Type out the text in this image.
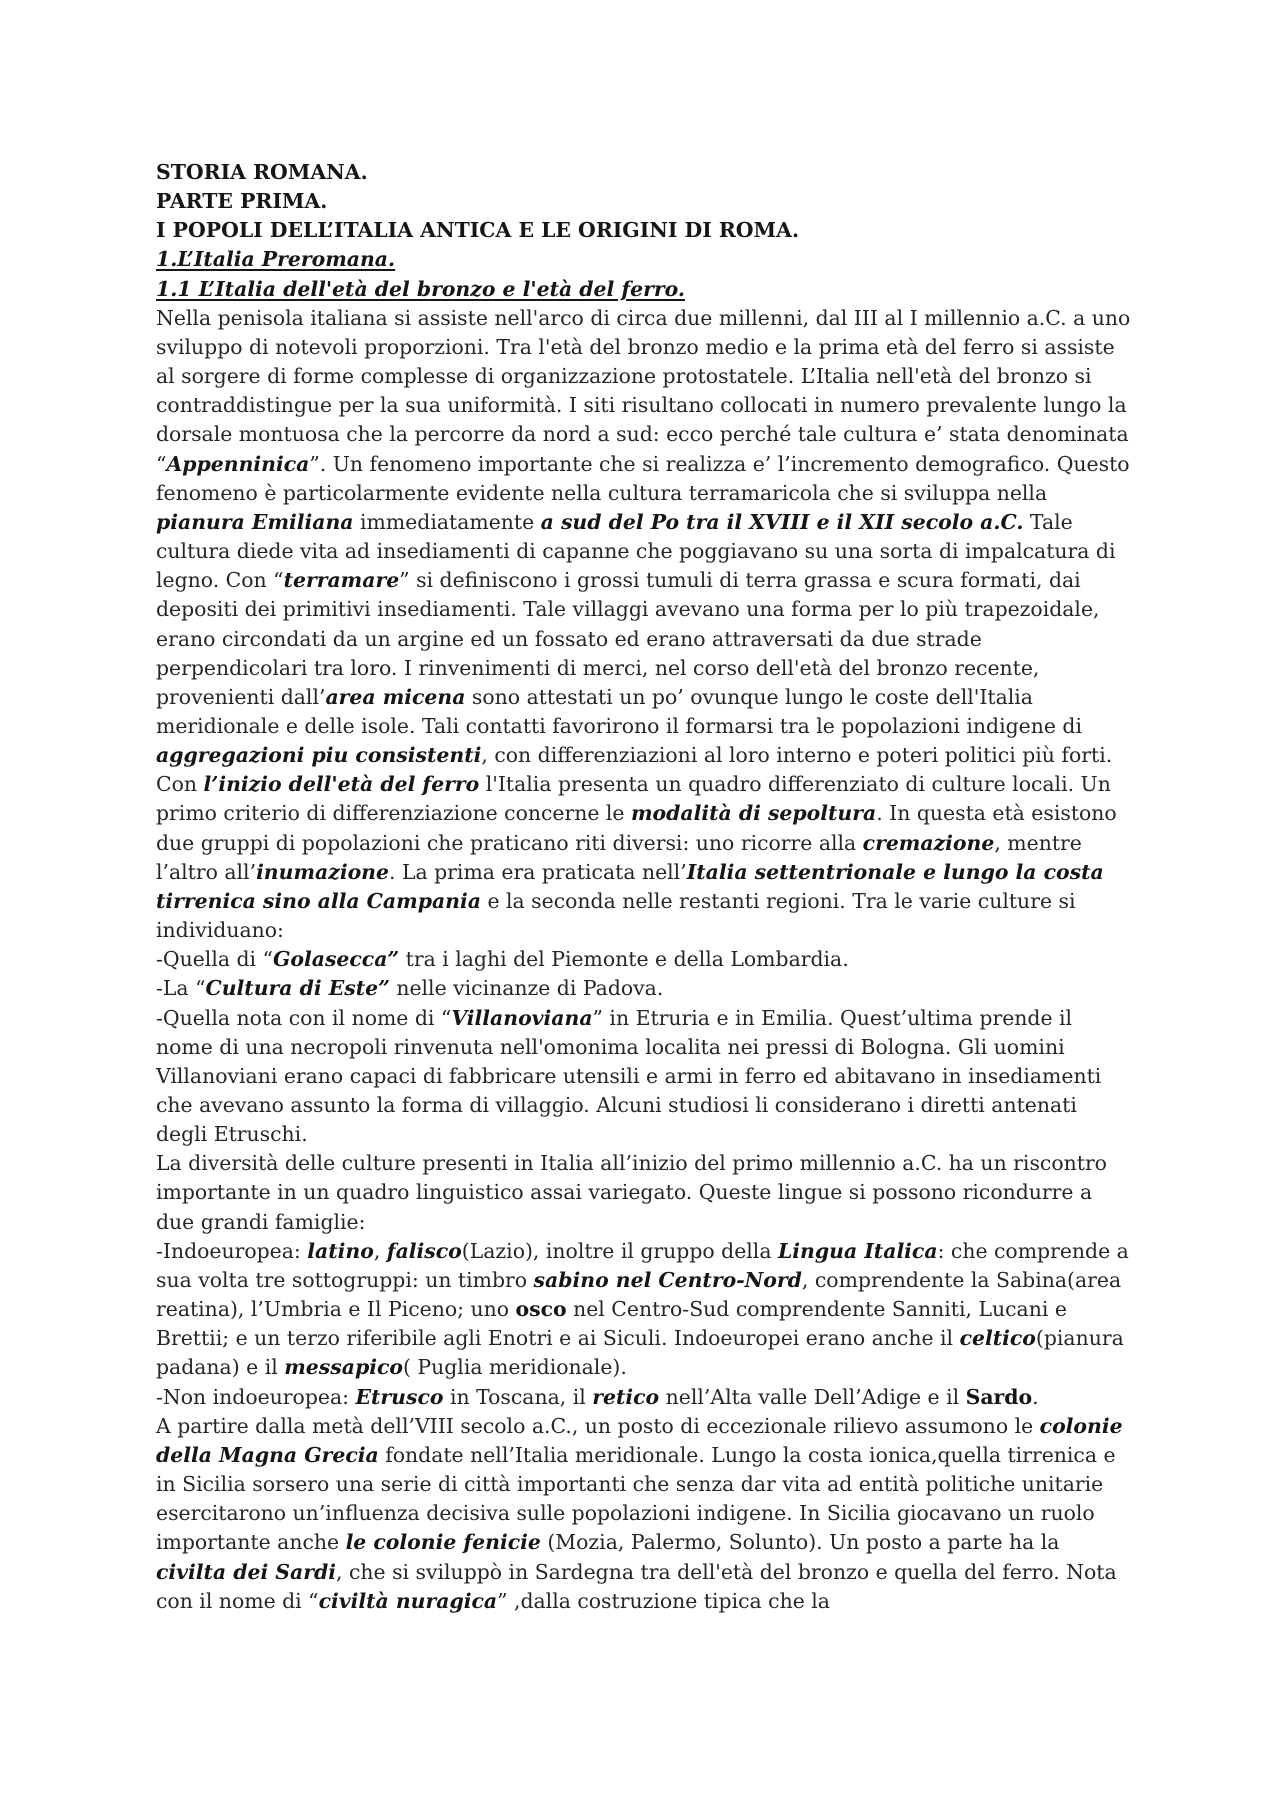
STORIA ROMANA.
PARTE PRIMA.
I POPOLI DELL’ITALIA ANTICA E LE ORIGINI DI ROMA.
1.L’Italia Preromana.
1.1 L’Italia dell'età del bronzo e l'età del ferro.
Nella penisola italiana si assiste nell'arco di circa due millenni, dal III al I millennio a.C. a uno sviluppo di notevoli proporzioni. Tra l'età del bronzo medio e la prima età del ferro si assiste al sorgere di forme complesse di organizzazione protostatele. L’Italia nell'età del bronzo si contraddistingue per la sua uniformità. I siti risultano collocati in numero prevalente lungo la dorsale montuosa che la percorre da nord a sud: ecco perché tale cultura e’ stata denominata “Appenninica”. Un fenomeno importante che si realizza e’ l’incremento demografico. Questo fenomeno è particolarmente evidente nella cultura terramaricola che si sviluppa nella pianura Emiliana immediatamente a sud del Po tra il XVIII e il XII secolo a.C. Tale cultura diede vita ad insediamenti di capanne che poggiavano su una sorta di impalcatura di legno. Con “terramare” si definiscono i grossi tumuli di terra grassa e scura formati, dai depositi dei primitivi insediamenti. Tale villaggi avevano una forma per lo più trapezoidale, erano circondati da un argine ed un fossato ed erano attraversati da due strade perpendicolari tra loro. I rinvenimenti di merci, nel corso dell'età del bronzo recente, provenienti dall’area micena sono attestati un po’ ovunque lungo le coste dell'Italia meridionale e delle isole. Tali contatti favorirono il formarsi tra le popolazioni indigene di aggregazioni piu consistenti, con differenziazioni al loro interno e poteri politici più forti. Con l’inizio dell'età del ferro l'Italia presenta un quadro differenziato di culture locali. Un primo criterio di differenziazione concerne le modalità di sepoltura. In questa età esistono due gruppi di popolazioni che praticano riti diversi: uno ricorre alla cremazione, mentre l’altro all’inumazione. La prima era praticata nell’Italia settentrionale e lungo la costa tirrenica sino alla Campania e la seconda nelle restanti regioni. Tra le varie culture si individuano:
-Quella di “Golasecca” tra i laghi del Piemonte e della Lombardia.
-La “Cultura di Este” nelle vicinanze di Padova.
-Quella nota con il nome di “Villanoviana” in Etruria e in Emilia. Quest’ultima prende il nome di una necropoli rinvenuta nell'omonima localita nei pressi di Bologna. Gli uomini Villanoviani erano capaci di fabbricare utensili e armi in ferro ed abitavano in insediamenti che avevano assunto la forma di villaggio. Alcuni studiosi li considerano i diretti antenati degli Etruschi.
La diversità delle culture presenti in Italia all’inizio del primo millennio a.C. ha un riscontro importante in un quadro linguistico assai variegato. Queste lingue si possono ricondurre a due grandi famiglie:
-Indoeuropea: latino, falisco(Lazio), inoltre il gruppo della Lingua Italica: che comprende a sua volta tre sottogruppi: un timbro sabino nel Centro-Nord, comprendente la Sabina(area reatina), l’Umbria e Il Piceno; uno osco nel Centro-Sud comprendente Sanniti, Lucani e Brettii; e un terzo riferibile agli Enotri e ai Siculi. Indoeuropei erano anche il celtico(pianura padana) e il messapico( Puglia meridionale).
-Non indoeuropea: Etrusco in Toscana, il retico nell’Alta valle Dell’Adige e il Sardo.
A partire dalla metà dell’VIII secolo a.C., un posto di eccezionale rilievo assumono le colonie della Magna Grecia fondate nell’Italia meridionale. Lungo la costa ionica,quella tirrenica e in Sicilia sorsero una serie di città importanti che senza dar vita ad entità politiche unitarie esercitarono un’influenza decisiva sulle popolazioni indigene. In Sicilia giocavano un ruolo importante anche le colonie fenicie (Mozia, Palermo, Solunto). Un posto a parte ha la civilta dei Sardi, che si sviluppò in Sardegna tra dell'età del bronzo e quella del ferro. Nota con il nome di “civiltà nuragica” ,dalla costruzione tipica che la
